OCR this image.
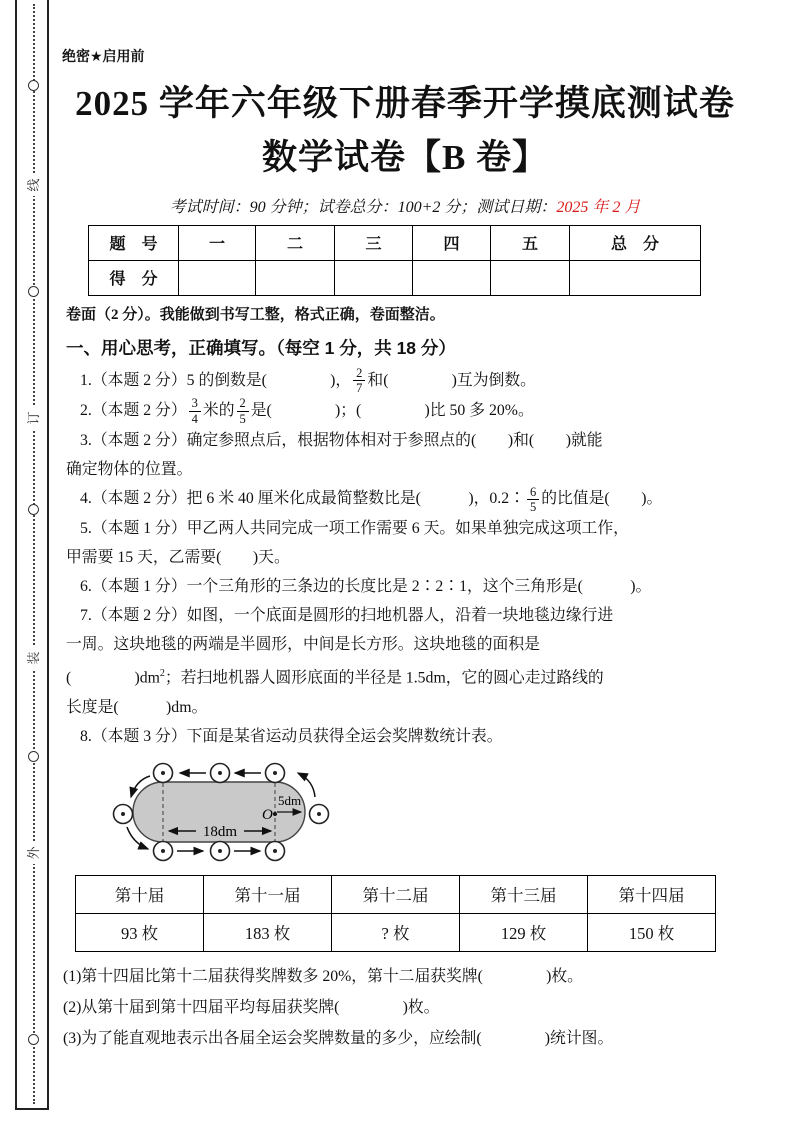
线
订
装
外
绝密★启用前
2025 学年六年级下册春季开学摸底测试卷
数学试卷【B 卷】
考试时间：90 分钟；试卷总分：100+2 分；测试日期：2025 年 2 月
题　号	一	二	三	四	五	总　分
得　分						
卷面（2 分）。我能做到书写工整，格式正确，卷面整洁。
一、用心思考，正确填写。（每空 1 分，共 18 分）
1.（本题 2 分）5 的倒数是(　　　　)， $\frac{2}{7}$ 和(　　　　)互为倒数。
2.（本题 2 分） $\frac{3}{4}$ 米的 $\frac{2}{5}$ 是(　　　　)；(　　　　)比 50 多 20%。
3.（本题 2 分）确定参照点后，根据物体相对于参照点的(　　)和(　　)就能
确定物体的位置。
4.（本题 2 分）把 6 米 40 厘米化成最简整数比是(　　　)，0.2∶ $\frac{6}{5}$ 的比值是(　　)。
5.（本题 1 分）甲乙两人共同完成一项工作需要 6 天。如果单独完成这项工作，
甲需要 15 天，乙需要(　　)天。
6.（本题 1 分）一个三角形的三条边的长度比是 2∶2∶1，这个三角形是(　　　)。
7.（本题 2 分）如图，一个底面是圆形的扫地机器人，沿着一块地毯边缘行进
一周。这块地毯的两端是半圆形，中间是长方形。这块地毯的面积是
(　　　　)$dm^2$；若扫地机器人圆形底面的半径是 1.5dm，它的圆心走过路线的
长度是(　　　)dm。
8.（本题 3 分）下面是某省运动员获得全运会奖牌数统计表。
18dm
O
5dm
第十届	第十一届	第十二届	第十三届	第十四届
93 枚	183 枚	? 枚	129 枚	150 枚
(1)第十四届比第十二届获得奖牌数多 20%，第十二届获奖牌(　　　　)枚。
(2)从第十届到第十四届平均每届获奖牌(　　　　)枚。
(3)为了能直观地表示出各届全运会奖牌数量的多少，应绘制(　　　　)统计图。
